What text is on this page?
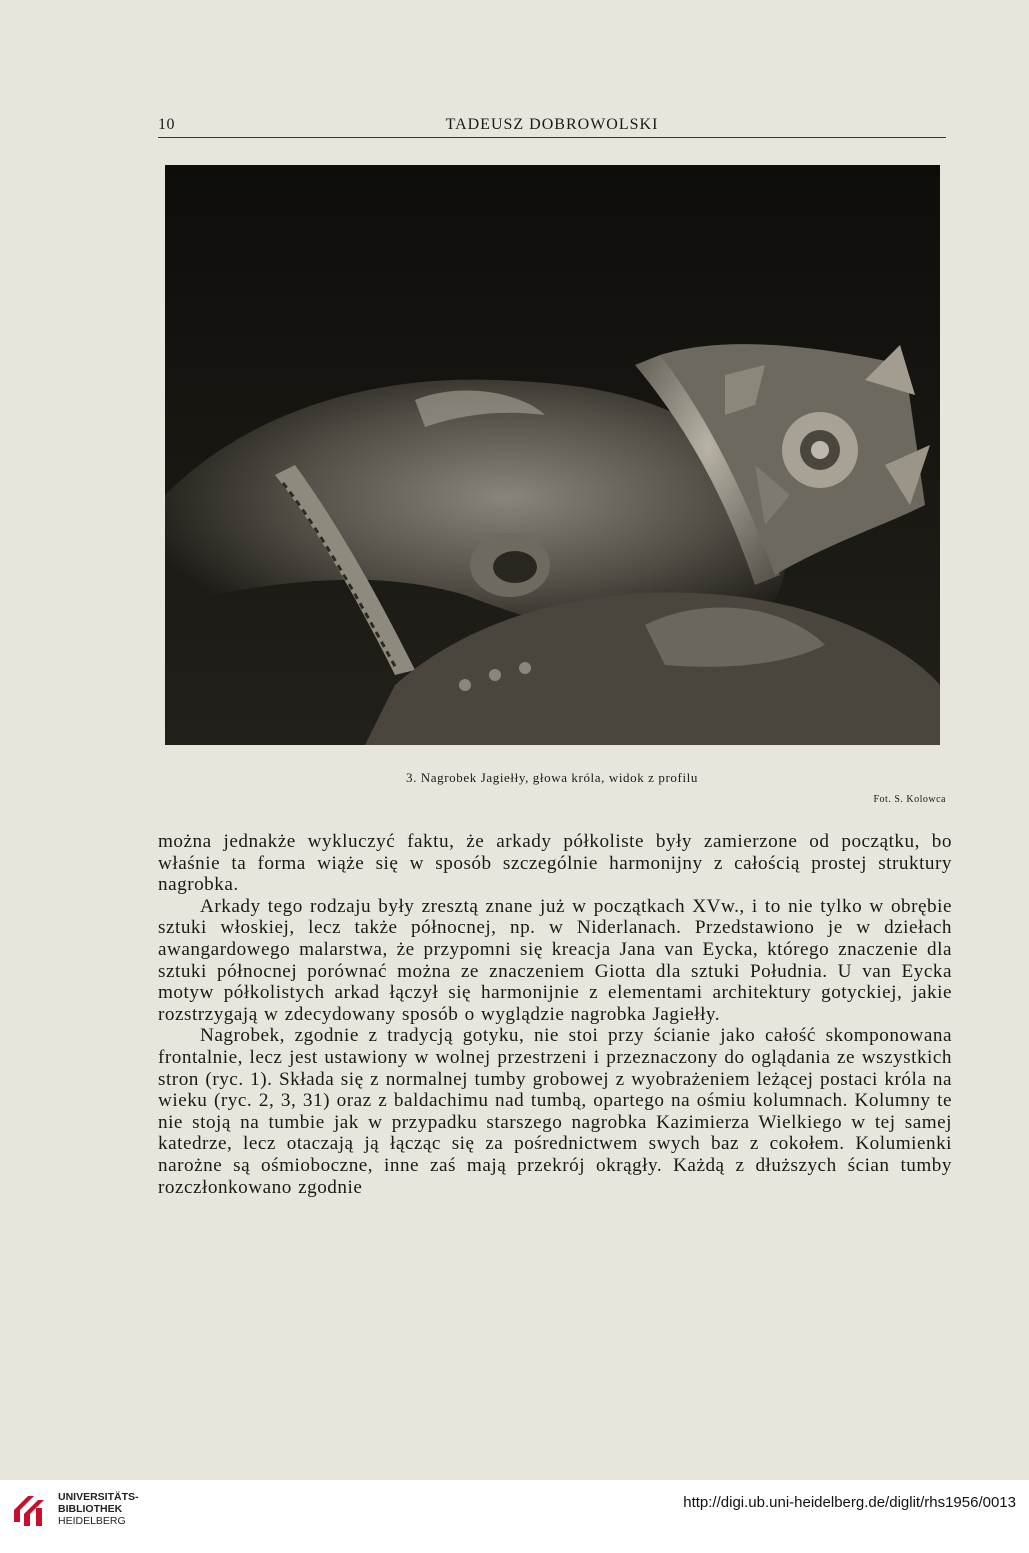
10	TADEUSZ DOBROWOLSKI
3. Nagrobek Jagiełły, głowa króla, widok z profilu
Fot. S. Kolowca

można jednakże wykluczyć faktu, że arkady półkoliste były zamierzone od początku, bo właśnie ta forma wiąże się w sposób szczególnie harmonijny z całością prostej struktury nagrobka.

Arkady tego rodzaju były zresztą znane już w początkach XVw., i to nie tylko w obrębie sztuki włoskiej, lecz także północnej, np. w Niderlanach. Przedstawiono je w dziełach awangardowego malarstwa, że przypomni się kreacja Jana van Eycka, którego znaczenie dla sztuki północnej porównać można ze znaczeniem Giotta dla sztuki Południa. U van Eycka motyw półkolistych arkad łączył się harmonijnie z elementami architektury gotyckiej, jakie rozstrzygają w zdecydowany sposób o wyglądzie nagrobka Jagiełły.

Nagrobek, zgodnie z tradycją gotyku, nie stoi przy ścianie jako całość skomponowana frontalnie, lecz jest ustawiony w wolnej przestrzeni i przeznaczony do oglądania ze wszystkich stron (ryc. 1). Składa się z normalnej tumby grobowej z wyobrażeniem leżącej postaci króla na wieku (ryc. 2, 3, 31) oraz z baldachimu nad tumbą, opartego na ośmiu kolumnach. Kolumny te nie stoją na tumbie jak w przypadku starszego nagrobka Kazimierza Wielkiego w tej samej katedrze, lecz otaczają ją łącząc się za pośrednictwem swych baz z cokołem. Kolumienki narożne są ośmioboczne, inne zaś mają przekrój okrągły. Każdą z dłuższych ścian tumby rozczłonkowano zgodnie

UNIVERSITÄTS-
BIBLIOTHEK
HEIDELBERG
http://digi.ub.uni-heidelberg.de/diglit/rhs1956/0013
